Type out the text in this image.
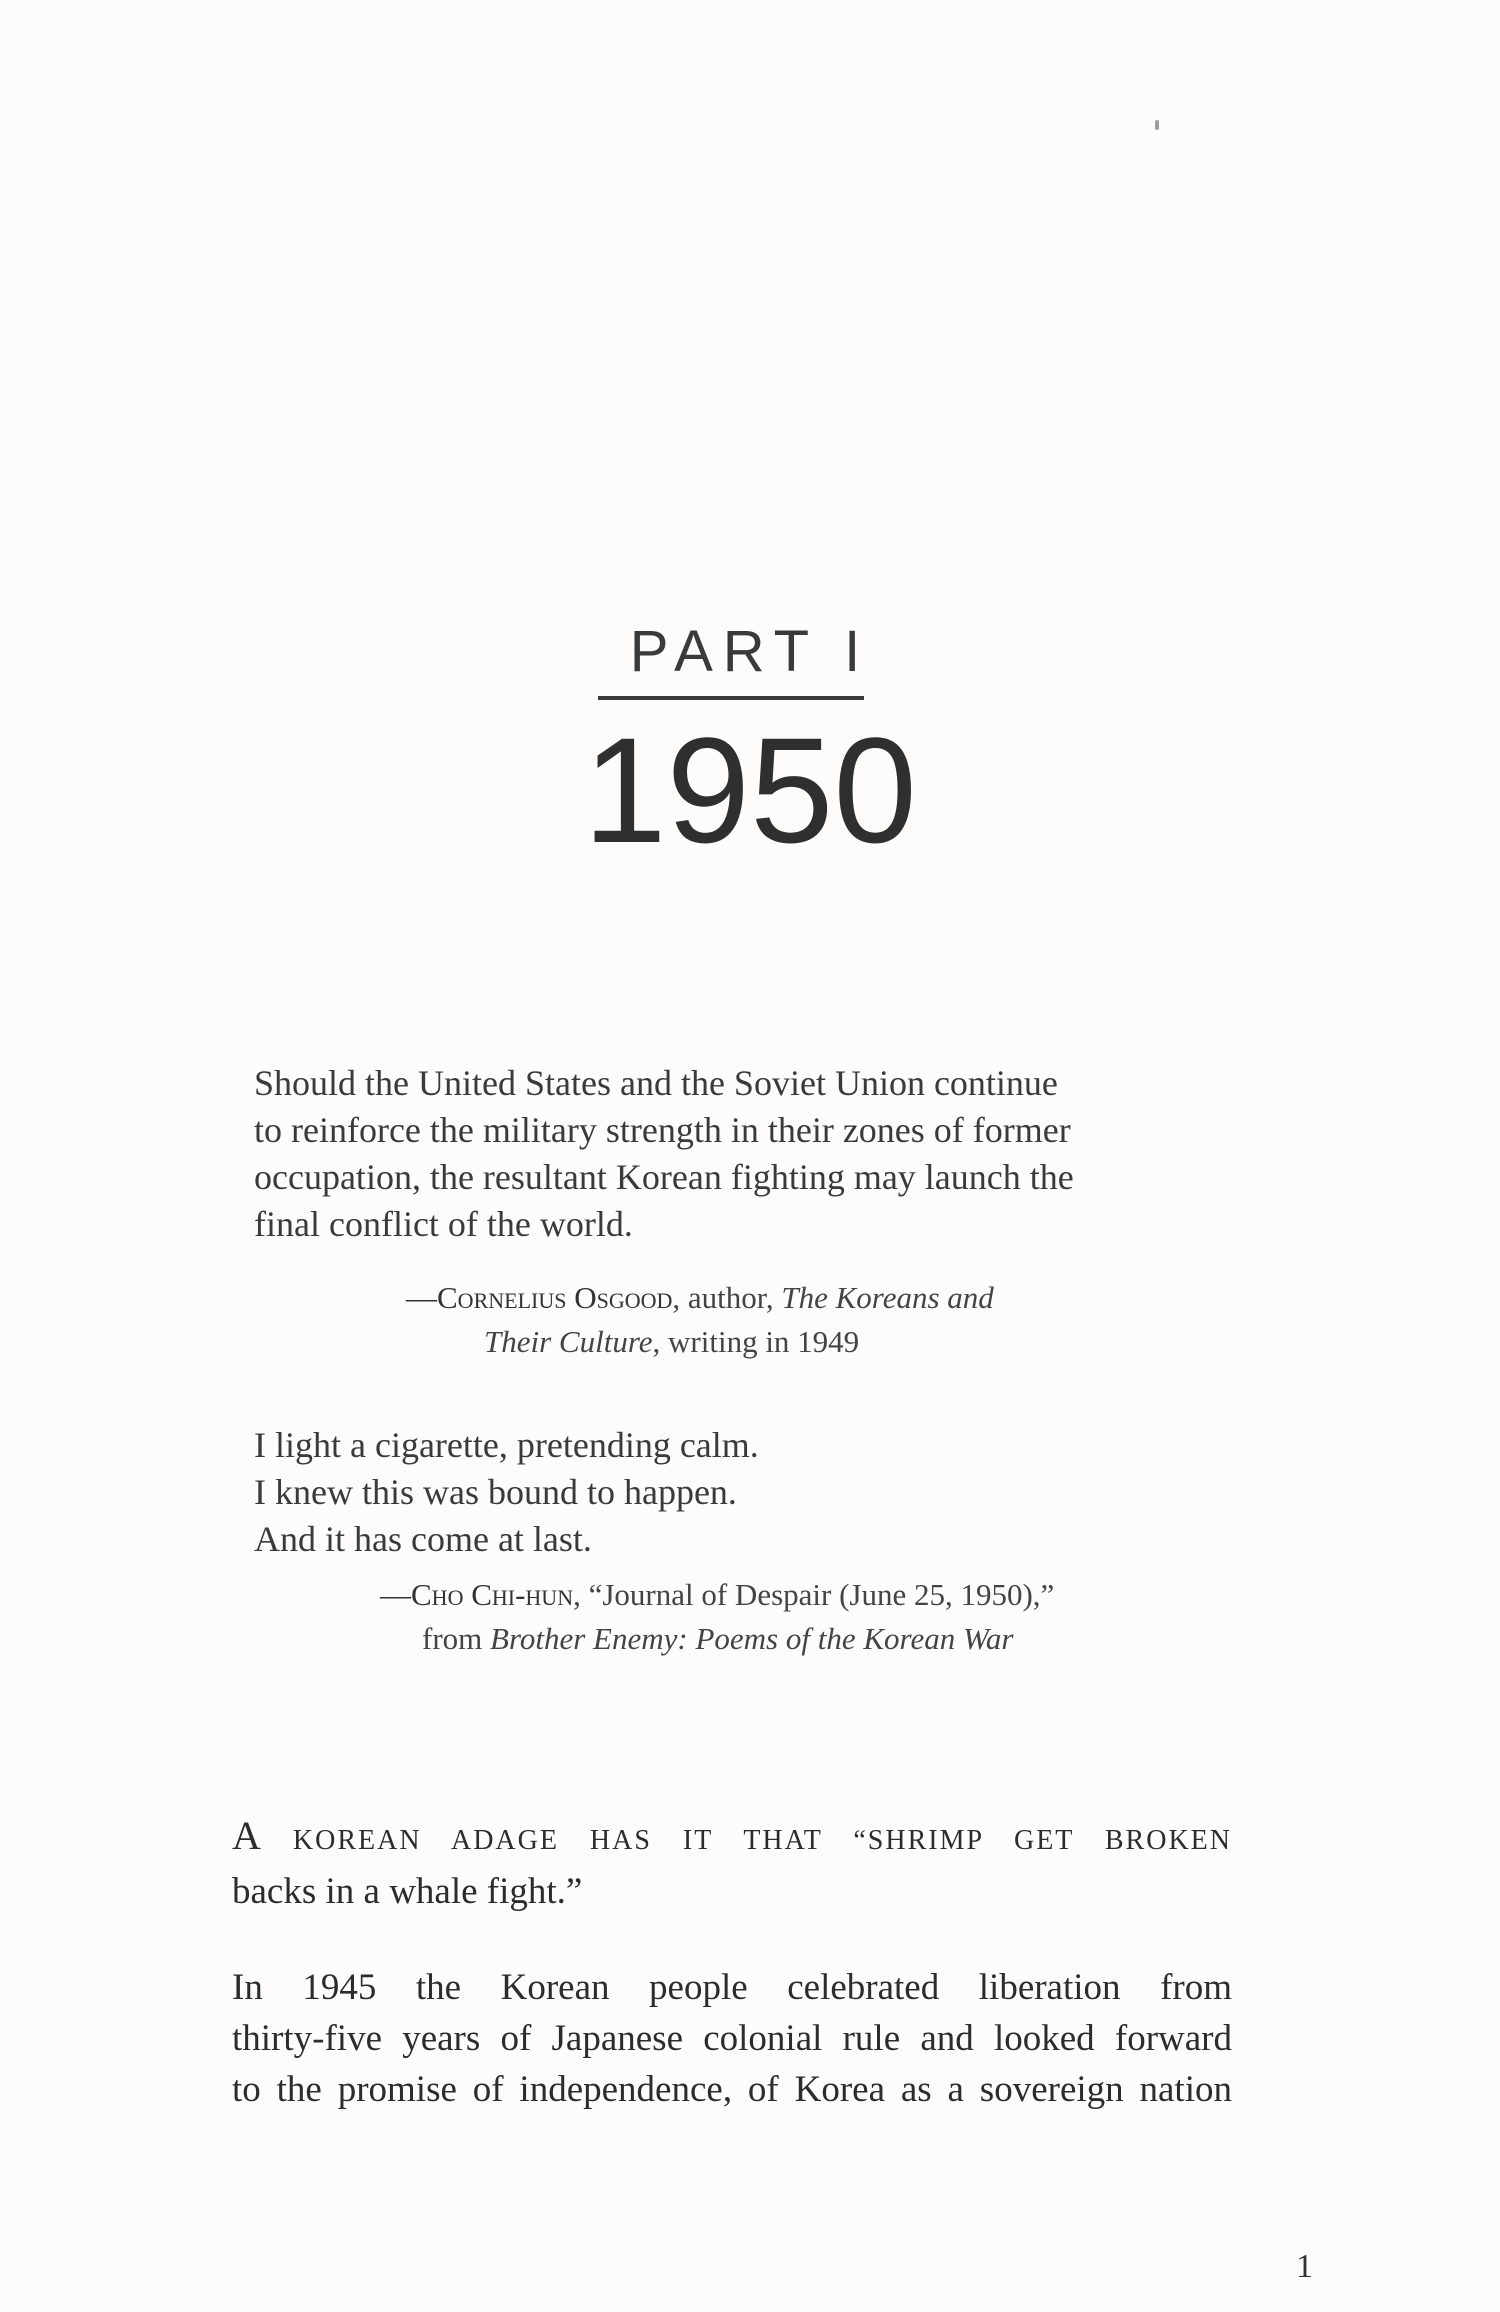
PART I
1950
Should the United States and the Soviet Union continue
to reinforce the military strength in their zones of former
occupation, the resultant Korean fighting may launch the
final conflict of the world.
—Cornelius Osgood, author, The Koreans and
Their Culture, writing in 1949
I light a cigarette, pretending calm.
I knew this was bound to happen.
And it has come at last.
—Cho Chi-hun, “Journal of Despair (June 25, 1950),”
from Brother Enemy: Poems of the Korean War
A KOREAN ADAGE HAS IT THAT “SHRIMP GET BROKEN
backs in a whale fight.”
In 1945 the Korean people celebrated liberation from
thirty-five years of Japanese colonial rule and looked forward
to the promise of independence, of Korea as a sovereign nation
1
